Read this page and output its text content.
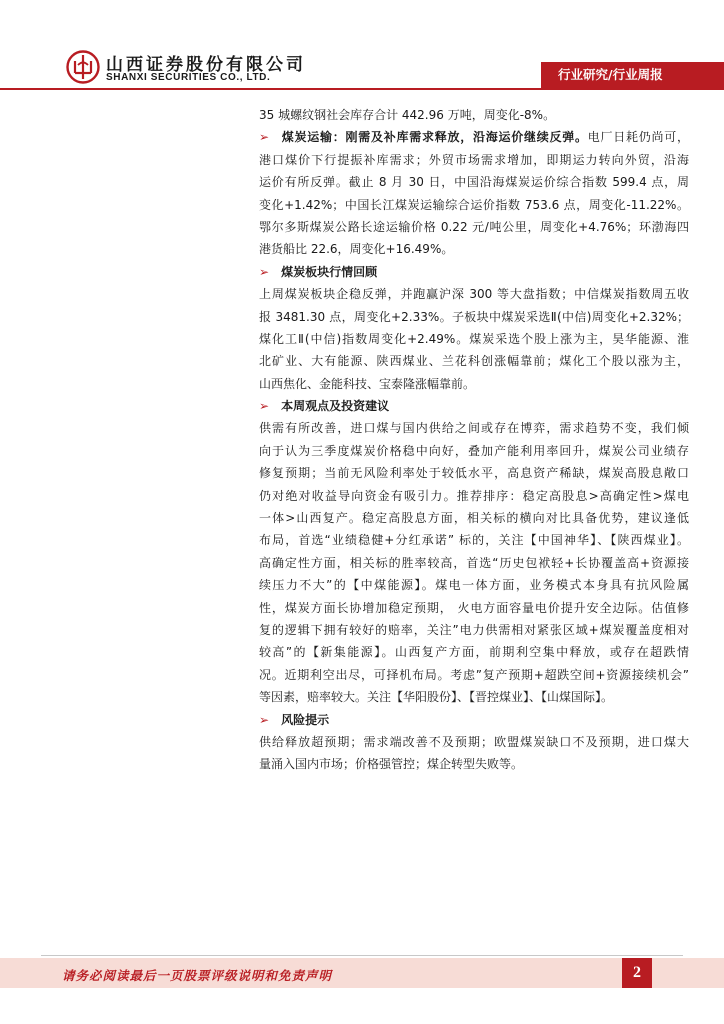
山西证券股份有限公司
SHANXI SECURITIES CO., LTD.	行业研究/行业周报
35 城螺纹钢社会库存合计 442.96 万吨，周变化-8%。
➢ 煤炭运输：刚需及补库需求释放，沿海运价继续反弹。电厂日耗仍尚可，
港口煤价下行提振补库需求；外贸市场需求增加，即期运力转向外贸，沿海
运价有所反弹。截止 8 月 30 日，中国沿海煤炭运价综合指数 599.4 点，周
变化+1.42%；中国长江煤炭运输综合运价指数 753.6 点，周变化-11.22%。
鄂尔多斯煤炭公路长途运输价格 0.22 元/吨公里，周变化+4.76%；环渤海四
港货船比 22.6，周变化+16.49%。
➢ 煤炭板块行情回顾
上周煤炭板块企稳反弹，并跑赢沪深 300 等大盘指数；中信煤炭指数周五收
报 3481.30 点，周变化+2.33%。子板块中煤炭采选Ⅱ(中信)周变化+2.32%；
煤化工Ⅱ(中信)指数周变化+2.49%。煤炭采选个股上涨为主，昊华能源、淮
北矿业、大有能源、陕西煤业、兰花科创涨幅靠前；煤化工个股以涨为主，
山西焦化、金能科技、宝泰隆涨幅靠前。
➢ 本周观点及投资建议
供需有所改善，进口煤与国内供给之间或存在博弈，需求趋势不变，我们倾
向于认为三季度煤炭价格稳中向好，叠加产能利用率回升，煤炭公司业绩存
修复预期；当前无风险利率处于较低水平，高息资产稀缺，煤炭高股息敞口
仍对绝对收益导向资金有吸引力。推荐排序：稳定高股息>高确定性>煤电
一体>山西复产。稳定高股息方面，相关标的横向对比具备优势，建议逢低
布局，首选“业绩稳健+分红承诺” 标的，关注【中国神华】、【陕西煤业】。
高确定性方面，相关标的胜率较高，首选“历史包袱轻+长协覆盖高+资源接
续压力不大”的【中煤能源】。煤电一体方面，业务模式本身具有抗风险属
性，煤炭方面长协增加稳定预期， 火电方面容量电价提升安全边际。估值修
复的逻辑下拥有较好的赔率，关注”电力供需相对紧张区域+煤炭覆盖度相对
较高”的【新集能源】。山西复产方面，前期利空集中释放，或存在超跌情
况。近期利空出尽，可择机布局。考虑”复产预期+超跌空间+资源接续机会”
等因素，赔率较大。关注【华阳股份】、【晋控煤业】、【山煤国际】。
➢ 风险提示
供给释放超预期；需求端改善不及预期；欧盟煤炭缺口不及预期，进口煤大
量涌入国内市场；价格强管控；煤企转型失败等。
请务必阅读最后一页股票评级说明和免责声明	2
